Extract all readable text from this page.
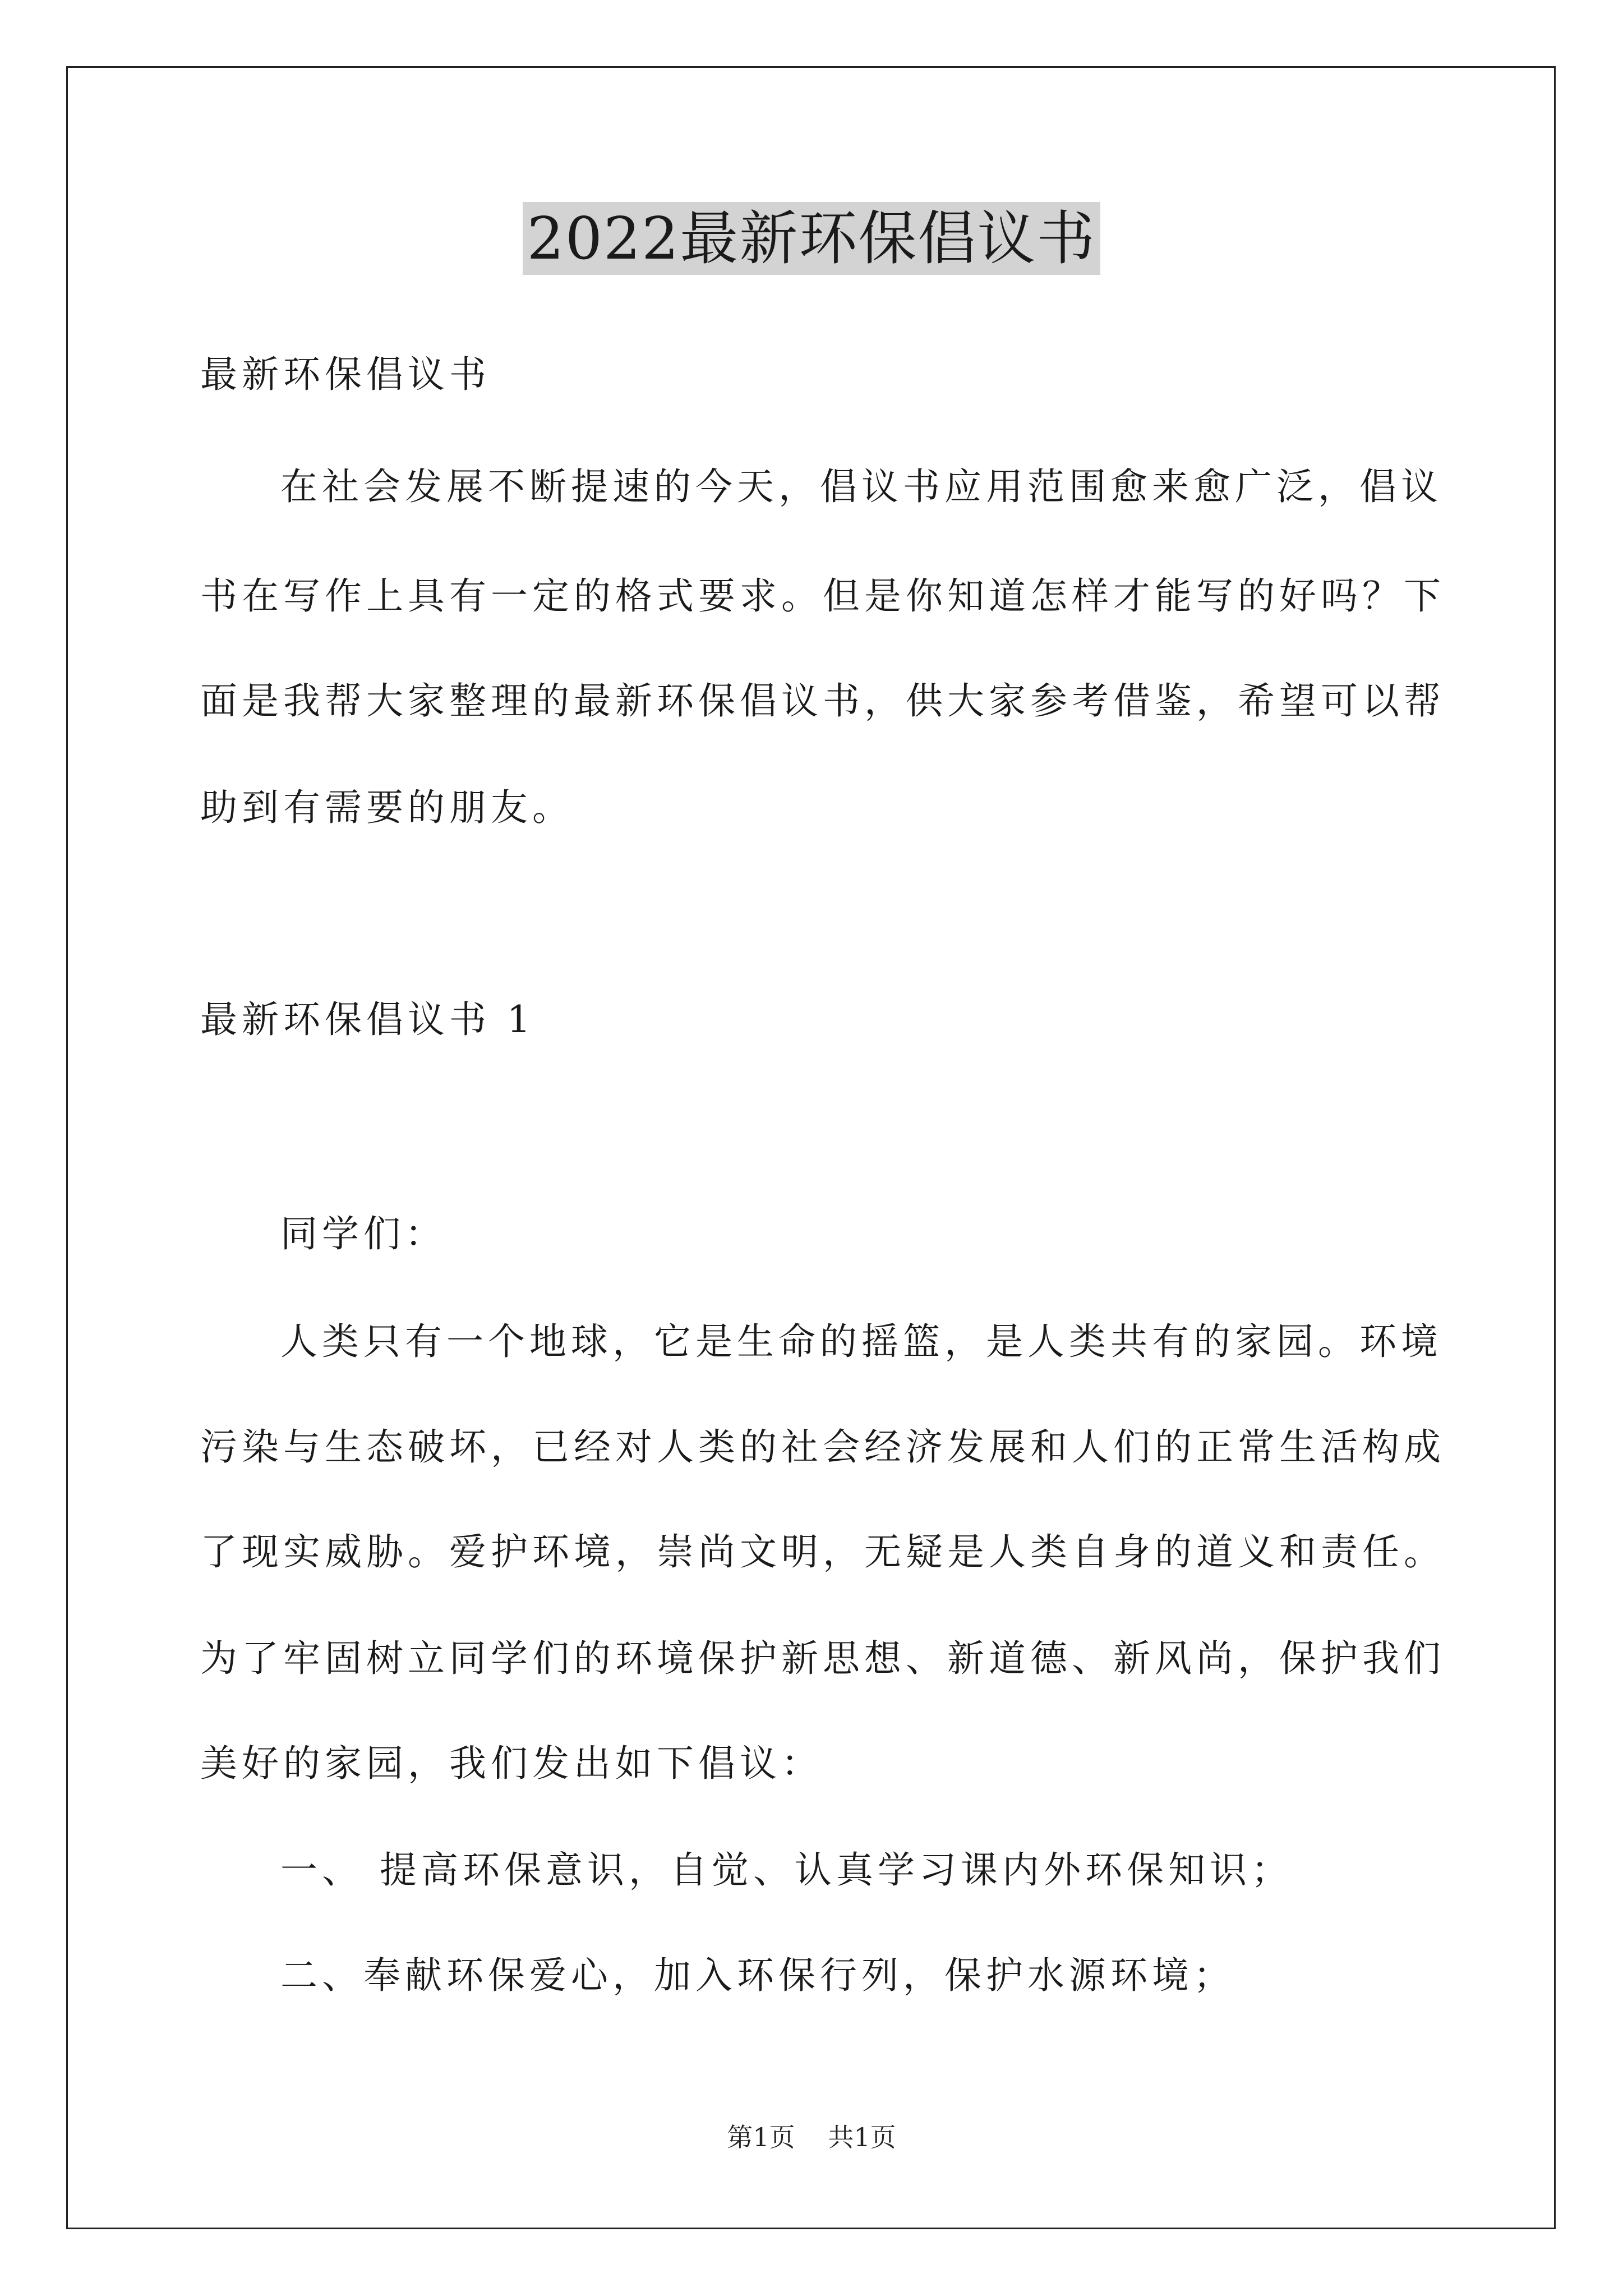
2022最新环保倡议书
最新环保倡议书
在社会发展不断提速的今天，倡议书应用范围愈来愈广泛，倡议
书在写作上具有一定的格式要求。但是你知道怎样才能写的好吗？下
面是我帮大家整理的最新环保倡议书，供大家参考借鉴，希望可以帮
助到有需要的朋友。
最新环保倡议书 1
同学们：
人类只有一个地球，它是生命的摇篮，是人类共有的家园。环境
污染与生态破坏，已经对人类的社会经济发展和人们的正常生活构成
了现实威胁。爱护环境，崇尚文明，无疑是人类自身的道义和责任。
为了牢固树立同学们的环境保护新思想、新道德、新风尚，保护我们
美好的家园，我们发出如下倡议：
一、 提高环保意识，自觉、认真学习课内外环保知识；
二、奉献环保爱心，加入环保行列，保护水源环境；
第1页 共1页
